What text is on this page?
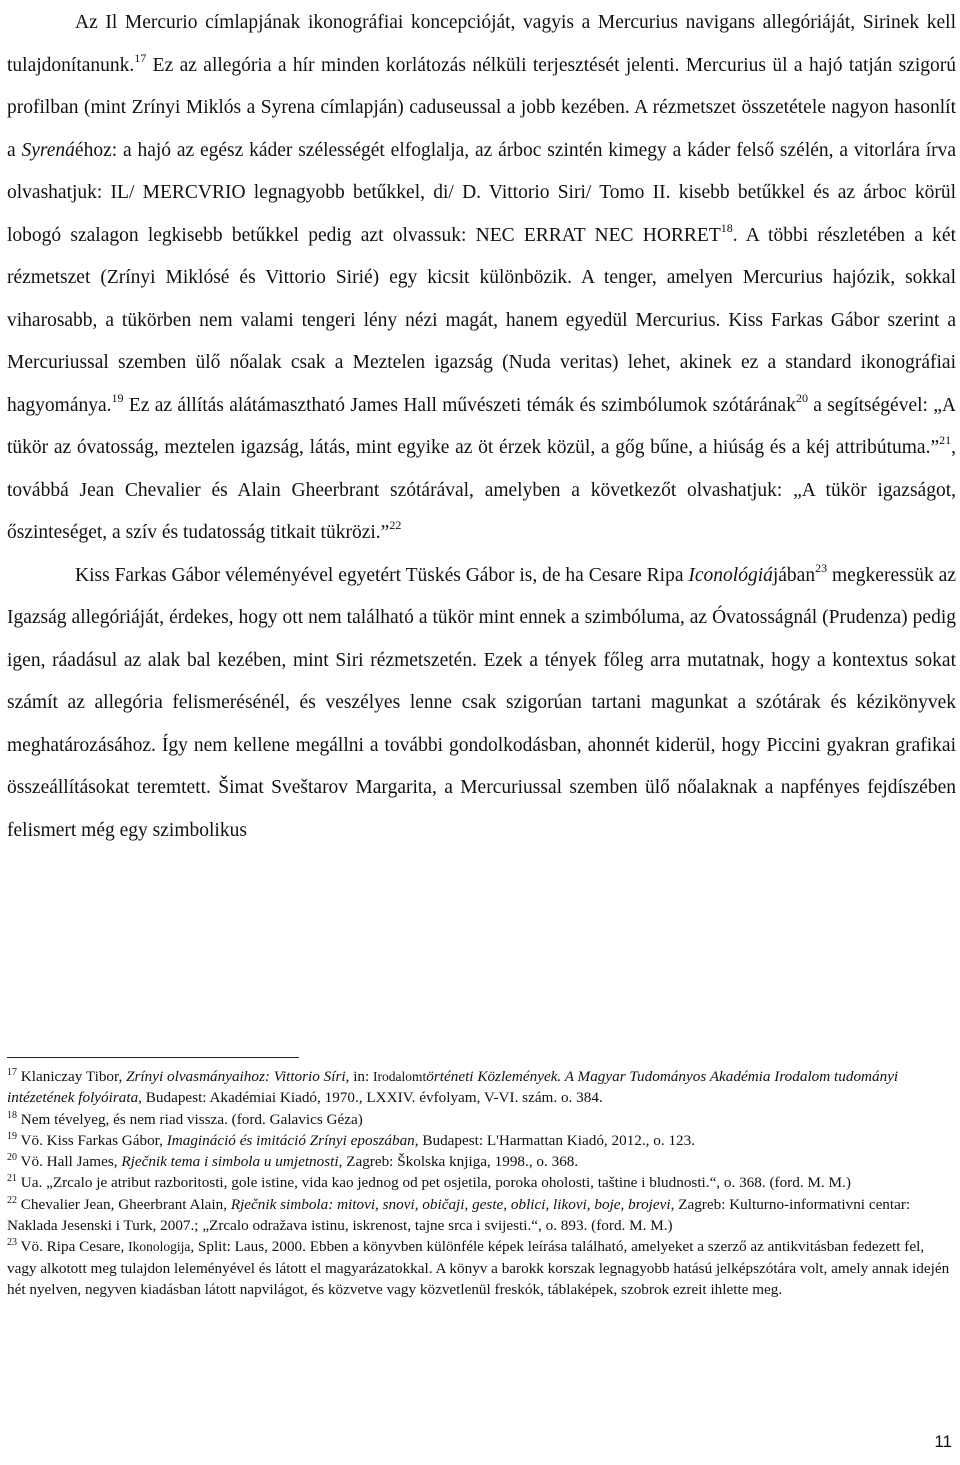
Az Il Mercurio címlapjának ikonográfiai koncepcióját, vagyis a Mercurius navigans allegóriáját, Sirinek kell tulajdonítanunk.$^{17}$ Ez az allegória a hír minden korlátozás nélküli terjesztését jelenti. Mercurius ül a hajó tatján szigorú profilban (mint Zrínyi Miklós a Syrena címlapján) caduseussal a jobb kezében. A rézmetszet összetétele nagyon hasonlít a Syrenáéhoz: a hajó az egész káder szélességét elfoglalja, az árboc szintén kimegy a káder felső szélén, a vitorlára írva olvashatjuk: IL/ MERCVRIO legnagyobb betűkkel, di/ D. Vittorio Siri/ Tomo II. kisebb betűkkel és az árboc körül lobogó szalagon legkisebb betűkkel pedig azt olvassuk: NEC ERRAT NEC HORRET$^{18}$. A többi részletében a két rézmetszet (Zrínyi Miklósé és Vittorio Sirié) egy kicsit különbözik. A tenger, amelyen Mercurius hajózik, sokkal viharosabb, a tükörben nem valami tengeri lény nézi magát, hanem egyedül Mercurius. Kiss Farkas Gábor szerint a Mercuriussal szemben ülő nőalak csak a Meztelen igazság (Nuda veritas) lehet, akinek ez a standard ikonográfiai hagyománya.$^{19}$ Ez az állítás alátámasztható James Hall művészeti témák és szimbólumok szótárának$^{20}$ a segítségével: „A tükör az óvatosság, meztelen igazság, látás, mint egyike az öt érzek közül, a gőg bűne, a hiúság és a kéj attribútuma.”$^{21}$, továbbá Jean Chevalier és Alain Gheerbrant szótárával, amelyben a következőt olvashatjuk: „A tükör igazságot, őszinteséget, a szív és tudatosság titkait tükrözi.”$^{22}$

Kiss Farkas Gábor véleményével egyetért Tüskés Gábor is, de ha Cesare Ripa Iconológiájában$^{23}$ megkeressük az Igazság allegóriáját, érdekes, hogy ott nem található a tükör mint ennek a szimbóluma, az Óvatosságnál (Prudenza) pedig igen, ráadásul az alak bal kezében, mint Siri rézmetszetén. Ezek a tények főleg arra mutatnak, hogy a kontextus sokat számít az allegória felismerésénél, és veszélyes lenne csak szigorúan tartani magunkat a szótárak és kézikönyvek meghatározásához. Így nem kellene megállni a további gondolkodásban, ahonnét kiderül, hogy Piccini gyakran grafikai összeállításokat teremtett. Šimat Svešt​arov Margarita, a Mercuriussal szemben ülő nőalaknak a napfényes fejdíszében felismert még egy szimbolikus

$^{17}$ Klaniczay Tibor, Zrínyi olvasmányaihoz: Vittorio Síri, in: Irodalomtörténeti Közlemények. A Magyar Tudományos Akadémia Irodalom tudományi intézetének folyóirata, Budapest: Akadémiai Kiadó, 1970., LXXIV. évfolyam, V-VI. szám. o. 384.

$^{18}$ Nem tévelyeg, és nem riad vissza. (ford. Galavics Géza)

$^{19}$ Vö. Kiss Farkas Gábor, Imagináció és imitáció Zrínyi eposzában, Budapest: L'Harmattan Kiadó, 2012., o. 123.

$^{20}$ Vö. Hall James, Rječnik tema i simbola u umjetnosti, Zagreb: Školska knjiga, 1998., o. 368.

$^{21}$ Ua. „Zrcalo je atribut razboritosti, gole istine, vida kao jednog od pet osjetila, poroka oholosti, taštine i bludnosti.“, o. 368. (ford. M. M.)

$^{22}$ Chevalier Jean, Gheerbrant Alain, Rječnik simbola: mitovi, snovi, običaji, geste, oblici, likovi, boje, brojevi, Zagreb: Kulturno-informativni centar: Naklada Jesenski i Turk, 2007.; „Zrcalo odražava istinu, iskrenost, tajne srca i svijesti.“, o. 893. (ford. M. M.)

$^{23}$ Vö. Ripa Cesare, Ikonologija, Split: Laus, 2000. Ebben a könyvben különféle képek leírása található, amelyeket a szerző az antikvitásban fedezett fel, vagy alkotott meg tulajdon leleményével és látott el magyarázatokkal. A könyv a barokk korszak legnagyobb hatású jelképszótára volt, amely annak idején hét nyelven, negyven kiadásban látott napvilágot, és közvetve vagy közvetlenül freskók, táblaképek, szobrok ezreit ihlette meg.

11
